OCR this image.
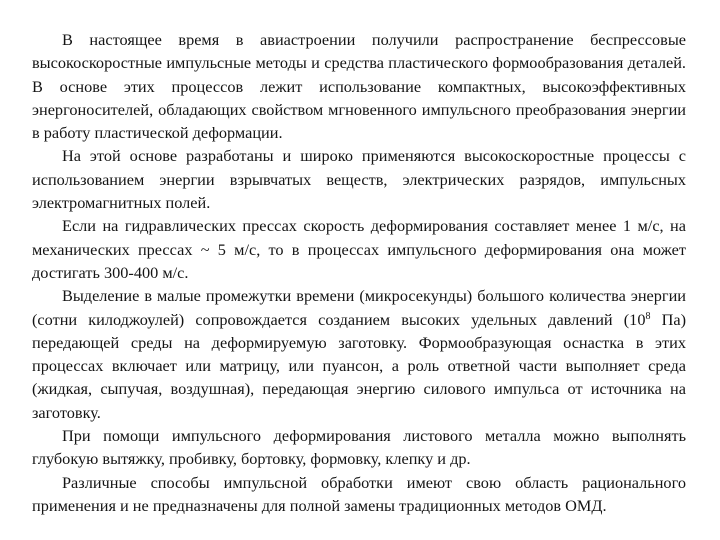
В настоящее время в авиастроении получили распространение беспрессовые высокоскоростные импульсные методы и средства пластического формообразования деталей. В основе этих процессов лежит использование компактных, высокоэффективных энергоносителей, обладающих свойством мгновенного импульсного преобразования энергии в работу пластической деформации.

На этой основе разработаны и широко применяются высокоскоростные процессы с использованием энергии взрывчатых веществ, электрических разрядов, импульсных электромагнитных полей.

Если на гидравлических прессах скорость деформирования составляет менее 1 м/с, на механических прессах ~ 5 м/с, то в процессах импульсного деформирования она может достигать 300-400 м/с.

Выделение в малые промежутки времени (микросекунды) большого количества энергии (сотни килоджоулей) сопровождается созданием высоких удельных давлений ($10^8$ Па) передающей среды на деформируемую заготовку. Формообразующая оснастка в этих процессах включает или матрицу, или пуансон, а роль ответной части выполняет среда (жидкая, сыпучая, воздушная), передающая энергию силового импульса от источника на заготовку.

При помощи импульсного деформирования листового металла можно выполнять глубокую вытяжку, пробивку, бортовку, формовку, клепку и др.

Различные способы импульсной обработки имеют свою область рационального применения и не предназначены для полной замены традиционных методов ОМД.
